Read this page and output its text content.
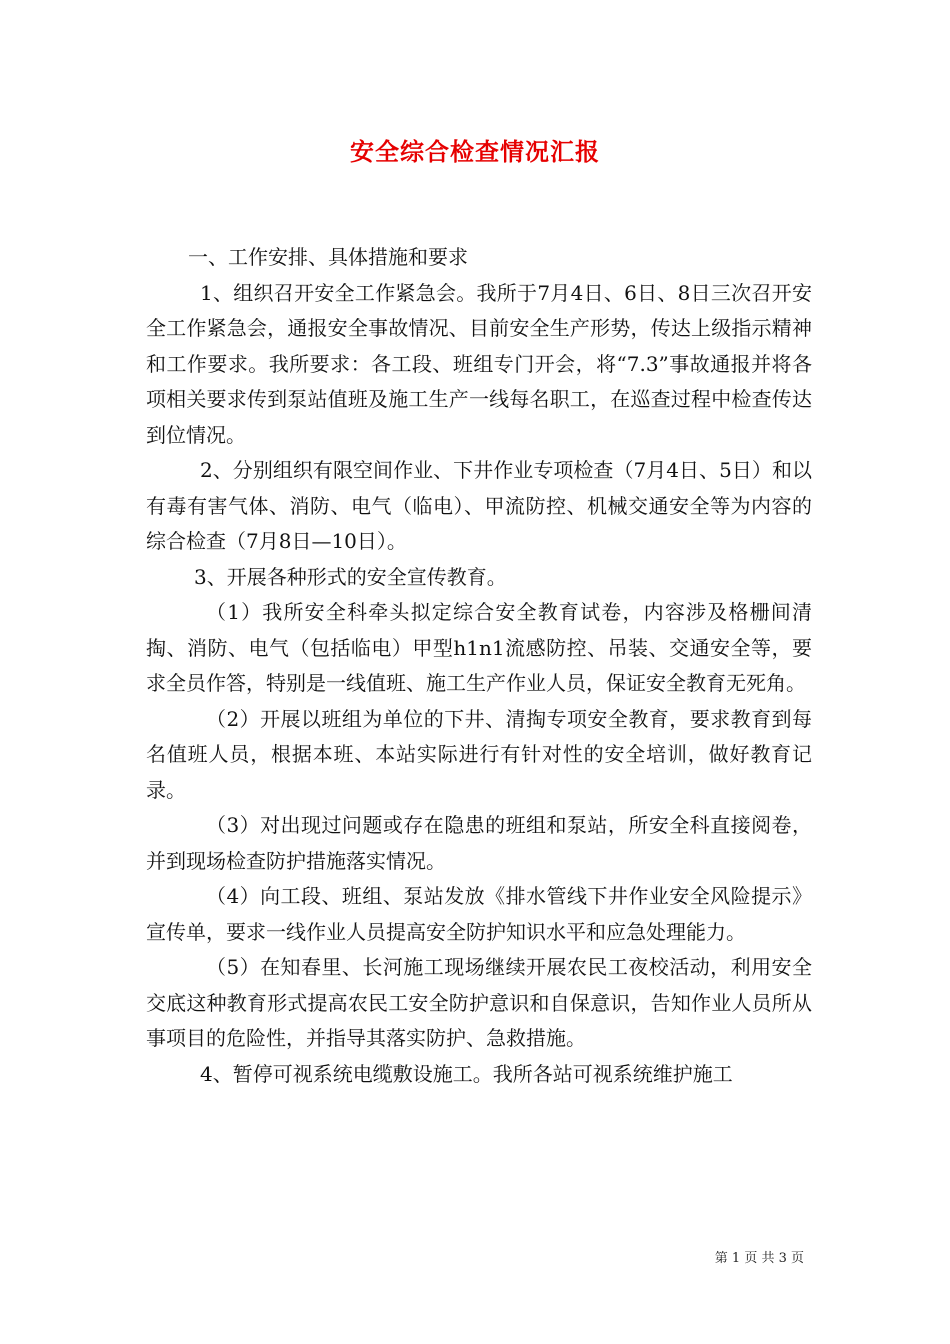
安全综合检查情况汇报

一、工作安排、具体措施和要求

1、组织召开安全工作紧急会。我所于7月4日、6日、8日三次召开安全工作紧急会，通报安全事故情况、目前安全生产形势，传达上级指示精神和工作要求。我所要求：各工段、班组专门开会，将“7.3”事故通报并将各项相关要求传到泵站值班及施工生产一线每名职工，在巡查过程中检查传达到位情况。

2、分别组织有限空间作业、下井作业专项检查（7月4日、5日）和以有毒有害气体、消防、电气（临电）、甲流防控、机械交通安全等为内容的综合检查（7月8日—10日）。

3、开展各种形式的安全宣传教育。

（1）我所安全科牵头拟定综合安全教育试卷，内容涉及格栅间清掏、消防、电气（包括临电）甲型h1n1流感防控、吊装、交通安全等，要求全员作答，特别是一线值班、施工生产作业人员，保证安全教育无死角。

（2）开展以班组为单位的下井、清掏专项安全教育，要求教育到每名值班人员，根据本班、本站实际进行有针对性的安全培训，做好教育记录。

（3）对出现过问题或存在隐患的班组和泵站，所安全科直接阅卷，并到现场检查防护措施落实情况。

（4）向工段、班组、泵站发放《排水管线下井作业安全风险提示》宣传单，要求一线作业人员提高安全防护知识水平和应急处理能力。

（5）在知春里、长河施工现场继续开展农民工夜校活动，利用安全交底这种教育形式提高农民工安全防护意识和自保意识，告知作业人员所从事项目的危险性，并指导其落实防护、急救措施。

4、暂停可视系统电缆敷设施工。我所各站可视系统维护施工

第 1 页 共 3 页
